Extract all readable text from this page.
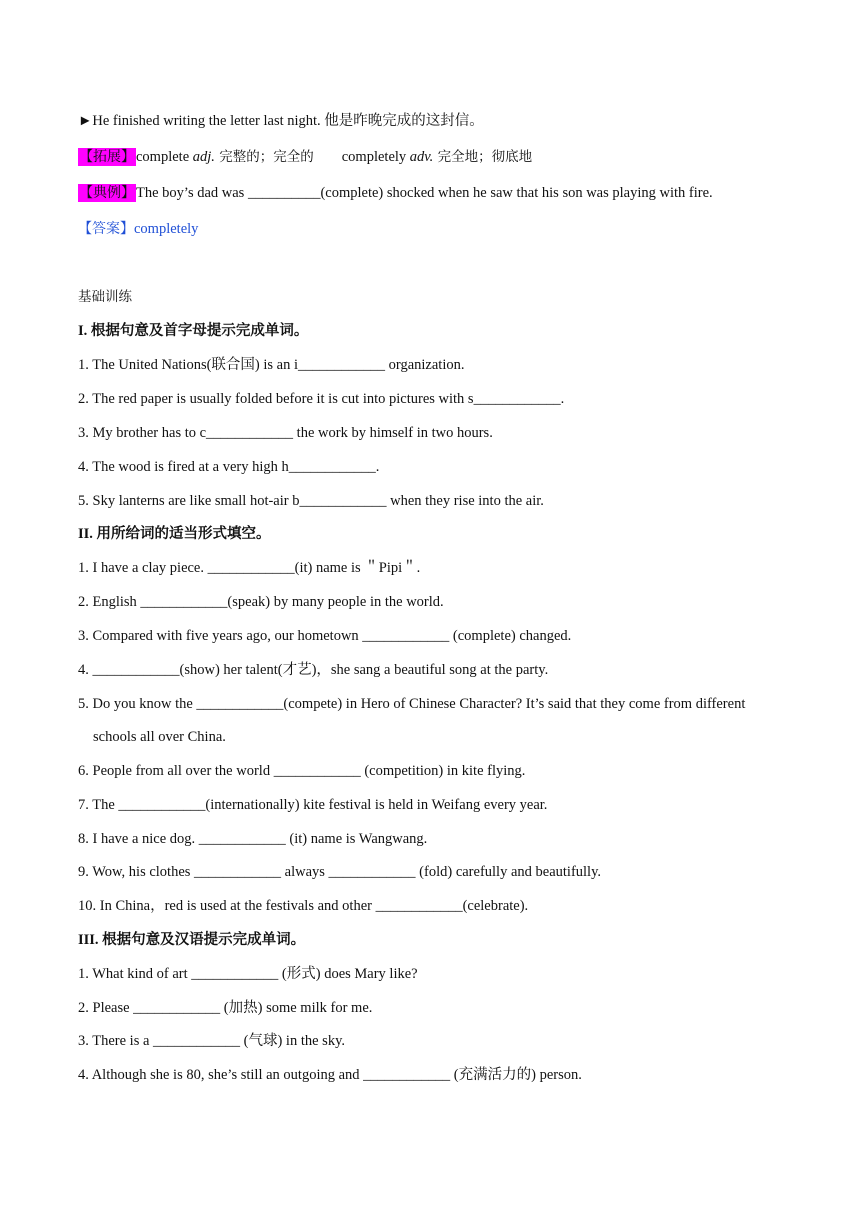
►He finished writing the letter last night. 他是昨晚完成的这封信。
【拓展】complete adj. 完整的；完全的 completely adv. 完全地；彻底地
【典例】The boy’s dad was __________(complete) shocked when he saw that his son was playing with fire.
【答案】completely
基础训练
I. 根据句意及首字母提示完成单词。
1. The United Nations(联合国) is an i____________ organization.
2. The red paper is usually folded before it is cut into pictures with s____________.
3. My brother has to c____________ the work by himself in two hours.
4. The wood is fired at a very high h____________.
5. Sky lanterns are like small hot-air b____________ when they rise into the air.
II. 用所给词的适当形式填空。
1. I have a clay piece. ____________(it) name is ＂Pipi＂.
2. English ____________(speak) by many people in the world.
3. Compared with five years ago, our hometown ____________ (complete) changed.
4. ____________(show) her talent(才艺)，she sang a beautiful song at the party.
5. Do you know the ____________(compete) in Hero of Chinese Character? It’s said that they come from different
schools all over China.
6. People from all over the world ____________ (competition) in kite flying.
7. The ____________(internationally) kite festival is held in Weifang every year.
8. I have a nice dog. ____________ (it) name is Wangwang.
9. Wow, his clothes ____________ always ____________ (fold) carefully and beautifully.
10. In China，red is used at the festivals and other ____________(celebrate).
III. 根据句意及汉语提示完成单词。
1. What kind of art ____________ (形式) does Mary like?
2. Please ____________ (加热) some milk for me.
3. There is a ____________ (气球) in the sky.
4. Although she is 80, she’s still an outgoing and ____________ (充满活力的) person.
